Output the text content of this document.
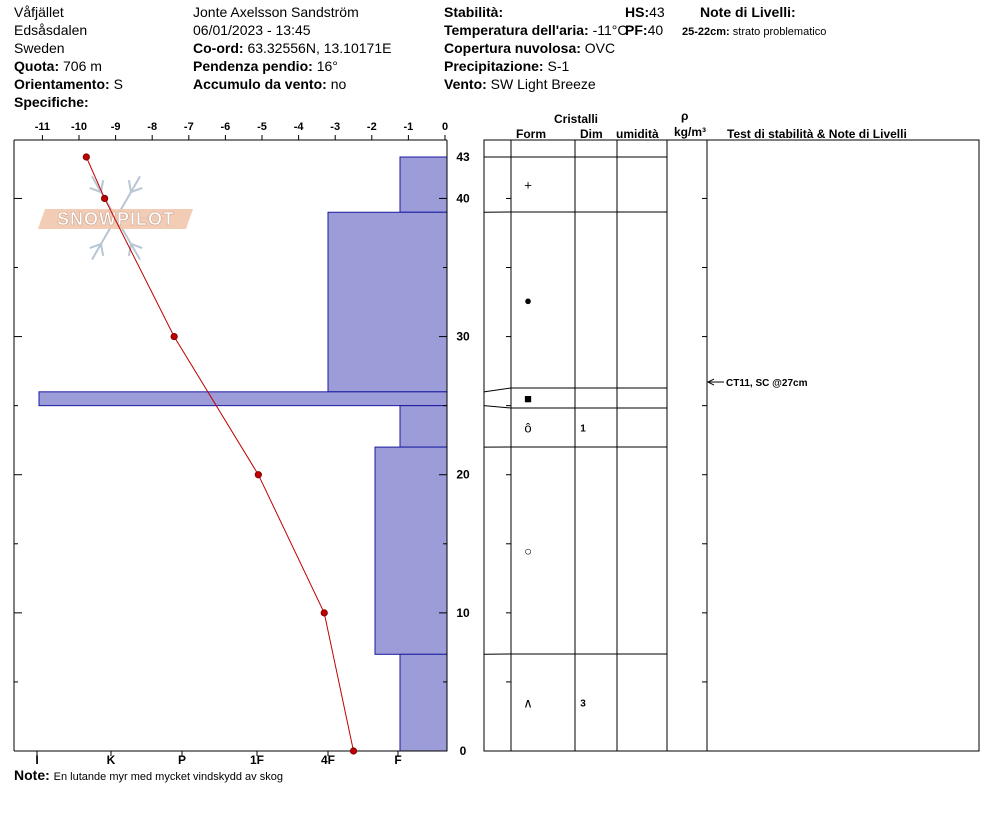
Våfjället
Edsåsdalen
Sweden
Quota: 706 m
Orientamento: S
Specifiche:
Jonte Axelsson Sandström
06/01/2023 - 13:45
Co-ord: 63.32556N, 13.10171E
Pendenza pendio: 16°
Accumulo da vento: no
Stabilità:
Temperatura dell'aria: -11°C
Copertura nuvolosa: OVC
Precipitazione: S-1
Vento: SW Light Breeze
HS:43
PF:40
Note di Livelli:
25-22cm: strato problematico
Cristalli
Form	Dim umidità
ρ
kg/m³ Test di stabilità & Note di Livelli
SNOWPILOT
-11 -10 -9 -8 -7 -6 -5 -4 -3 -2 -1	0
0
10
20
30
40
43
I	K	P	1F	4F	F
+
●
■
ô	1
○
∧	3
CT11, SC @27cm
Note: En lutande myr med mycket vindskydd av skog
